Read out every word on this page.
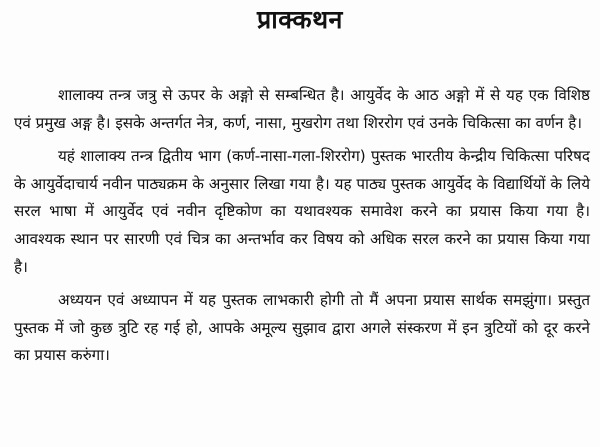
प्राक्कथन

शालाक्य तन्त्र जत्रु से ऊपर के अङ्गो से सम्बन्धित है। आयुर्वेद के आठ अङ्गो में से यह एक विशिष्ठ एवं प्रमुख अङ्ग है। इसके अन्तर्गत नेत्र, कर्ण, नासा, मुखरोग तथा शिररोग एवं उनके चिकित्सा का वर्णन है।

यहं शालाक्य तन्त्र द्वितीय भाग (कर्ण-नासा-गला-शिररोग) पुस्तक भारतीय केन्द्रीय चिकित्सा परिषद के आयुर्वेदाचार्य नवीन पाठ्यक्रम के अनुसार लिखा गया है। यह पाठ्य पुस्तक आयुर्वेद के विद्यार्थियों के लिये सरल भाषा में आयुर्वेद एवं नवीन दृष्टिकोण का यथावश्यक समावेश करने का प्रयास किया गया है। आवश्यक स्थान पर सारणी एवं चित्र का अन्तर्भाव कर विषय को अधिक सरल करने का प्रयास किया गया है।

अध्ययन एवं अध्यापन में यह पुस्तक लाभकारी होगी तो मैं अपना प्रयास सार्थक समझुंगा। प्रस्तुत पुस्तक में जो कुछ त्रुटि रह गई हो, आपके अमूल्य सुझाव द्वारा अगले संस्करण में इन त्रुटियों को दूर करने का प्रयास करुंगा।
